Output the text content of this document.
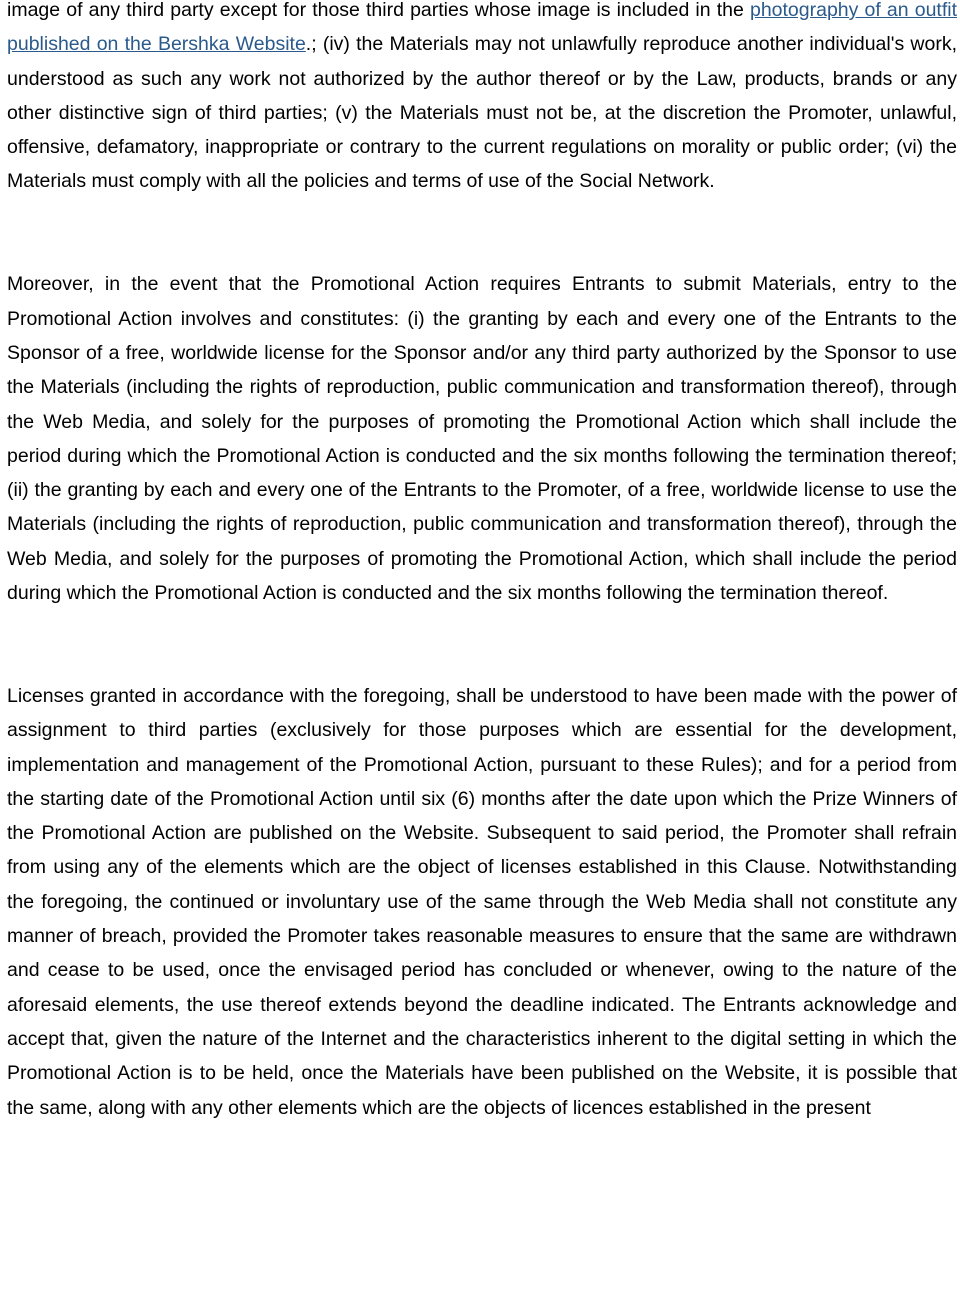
image of any third party except for those third parties whose image is included in the photography of an outfit published on the Bershka Website.; (iv) the Materials may not unlawfully reproduce another individual's work, understood as such any work not authorized by the author thereof or by the Law, products, brands or any other distinctive sign of third parties; (v) the Materials must not be, at the discretion the Promoter, unlawful, offensive, defamatory, inappropriate or contrary to the current regulations on morality or public order; (vi) the Materials must comply with all the policies and terms of use of the Social Network.

Moreover, in the event that the Promotional Action requires Entrants to submit Materials, entry to the Promotional Action involves and constitutes: (i) the granting by each and every one of the Entrants to the Sponsor of a free, worldwide license for the Sponsor and/or any third party authorized by the Sponsor to use the Materials (including the rights of reproduction, public communication and transformation thereof), through the Web Media, and solely for the purposes of promoting the Promotional Action which shall include the period during which the Promotional Action is conducted and the six months following the termination thereof; (ii) the granting by each and every one of the Entrants to the Promoter, of a free, worldwide license to use the Materials (including the rights of reproduction, public communication and transformation thereof), through the Web Media, and solely for the purposes of promoting the Promotional Action, which shall include the period during which the Promotional Action is conducted and the six months following the termination thereof.

Licenses granted in accordance with the foregoing, shall be understood to have been made with the power of assignment to third parties (exclusively for those purposes which are essential for the development, implementation and management of the Promotional Action, pursuant to these Rules); and for a period from the starting date of the Promotional Action until six (6) months after the date upon which the Prize Winners of the Promotional Action are published on the Website. Subsequent to said period, the Promoter shall refrain from using any of the elements which are the object of licenses established in this Clause. Notwithstanding the foregoing, the continued or involuntary use of the same through the Web Media shall not constitute any manner of breach, provided the Promoter takes reasonable measures to ensure that the same are withdrawn and cease to be used, once the envisaged period has concluded or whenever, owing to the nature of the aforesaid elements, the use thereof extends beyond the deadline indicated. The Entrants acknowledge and accept that, given the nature of the Internet and the characteristics inherent to the digital setting in which the Promotional Action is to be held, once the Materials have been published on the Website, it is possible that the same, along with any other elements which are the objects of licences established in the present
